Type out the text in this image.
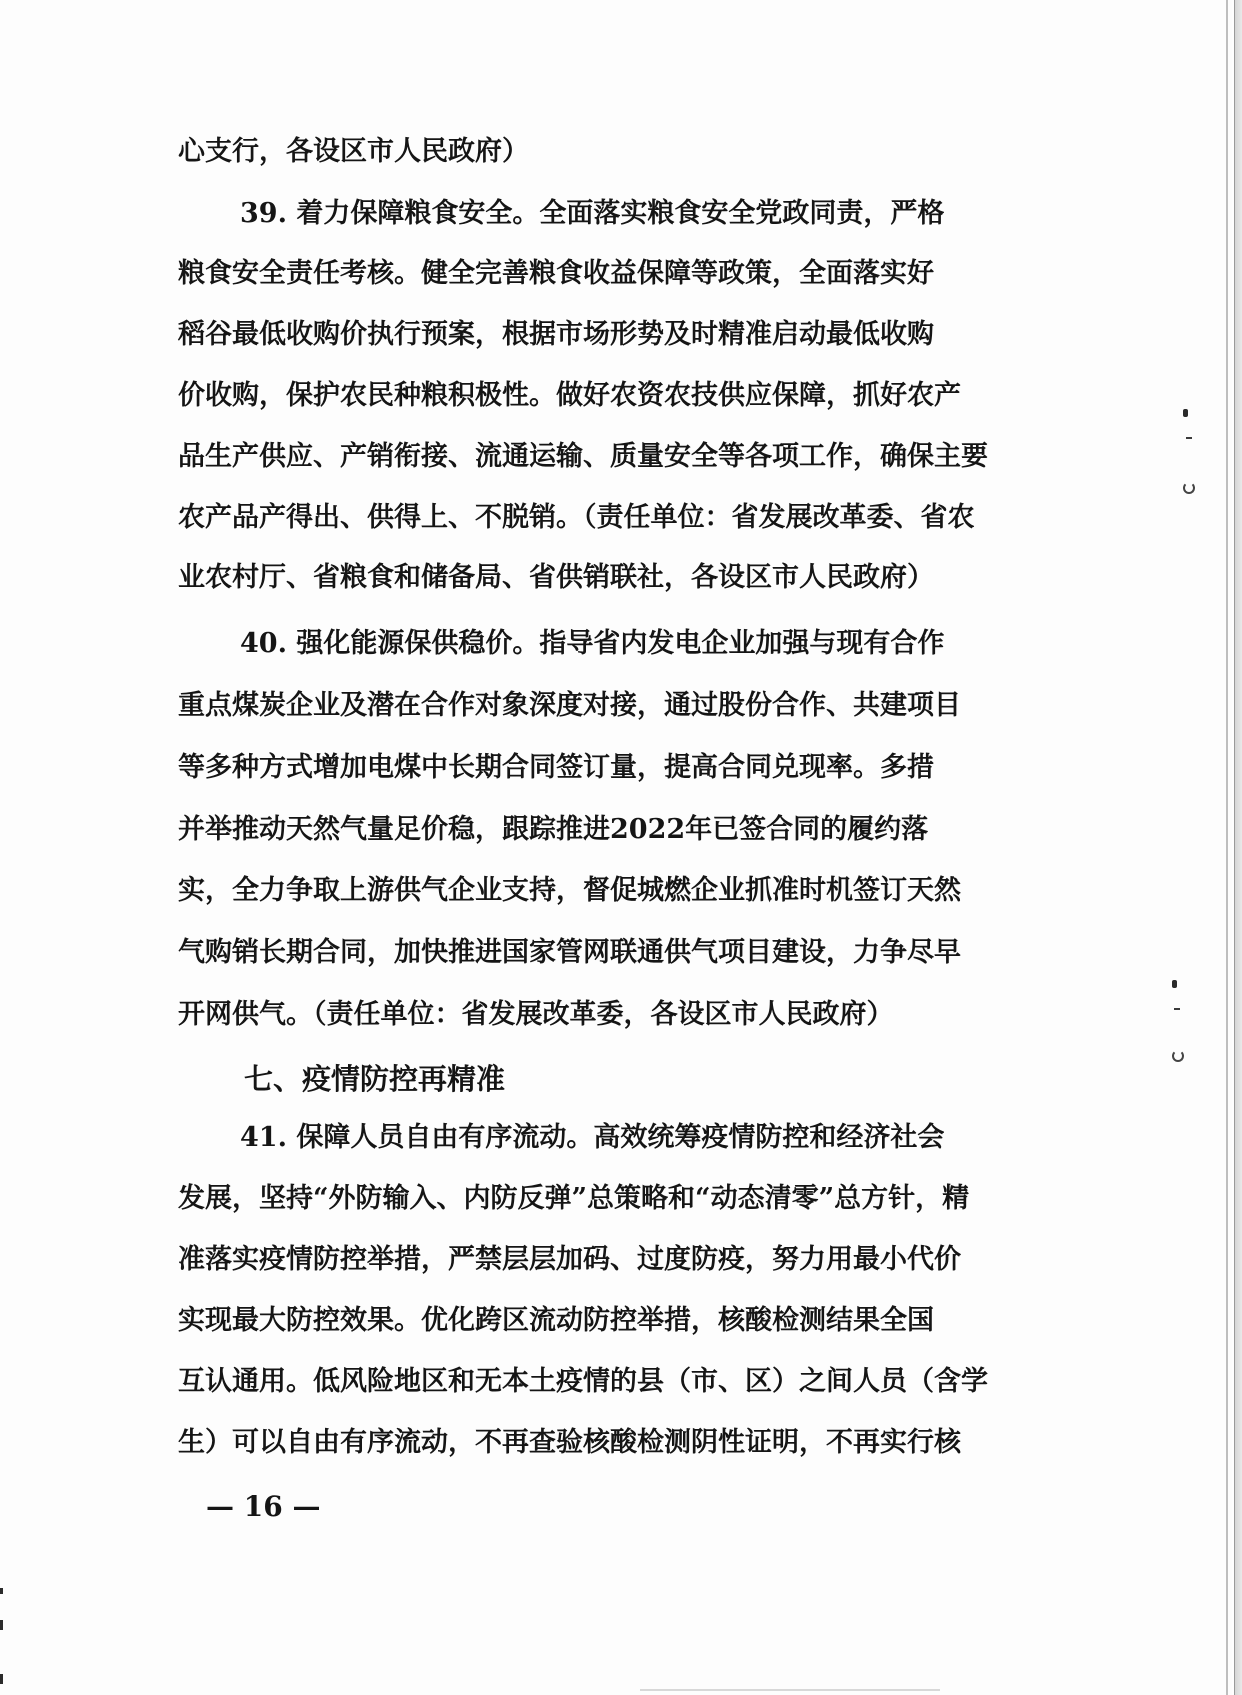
心支行，各设区市人民政府）
39. 着力保障粮食安全。全面落实粮食安全党政同责，严格
粮食安全责任考核。健全完善粮食收益保障等政策，全面落实好
稻谷最低收购价执行预案，根据市场形势及时精准启动最低收购
价收购，保护农民种粮积极性。做好农资农技供应保障，抓好农产
品生产供应、产销衔接、流通运输、质量安全等各项工作，确保主要
农产品产得出、供得上、不脱销。（责任单位：省发展改革委、省农
业农村厅、省粮食和储备局、省供销联社，各设区市人民政府）
40. 强化能源保供稳价。指导省内发电企业加强与现有合作
重点煤炭企业及潜在合作对象深度对接，通过股份合作、共建项目
等多种方式增加电煤中长期合同签订量，提高合同兑现率。多措
并举推动天然气量足价稳，跟踪推进2022年已签合同的履约落
实，全力争取上游供气企业支持，督促城燃企业抓准时机签订天然
气购销长期合同，加快推进国家管网联通供气项目建设，力争尽早
开网供气。（责任单位：省发展改革委，各设区市人民政府）
七、疫情防控再精准
41. 保障人员自由有序流动。高效统筹疫情防控和经济社会
发展，坚持“外防输入、内防反弹”总策略和“动态清零”总方针，精
准落实疫情防控举措，严禁层层加码、过度防疫，努力用最小代价
实现最大防控效果。优化跨区流动防控举措，核酸检测结果全国
互认通用。低风险地区和无本土疫情的县（市、区）之间人员（含学
生）可以自由有序流动，不再查验核酸检测阴性证明，不再实行核
— 16 —
